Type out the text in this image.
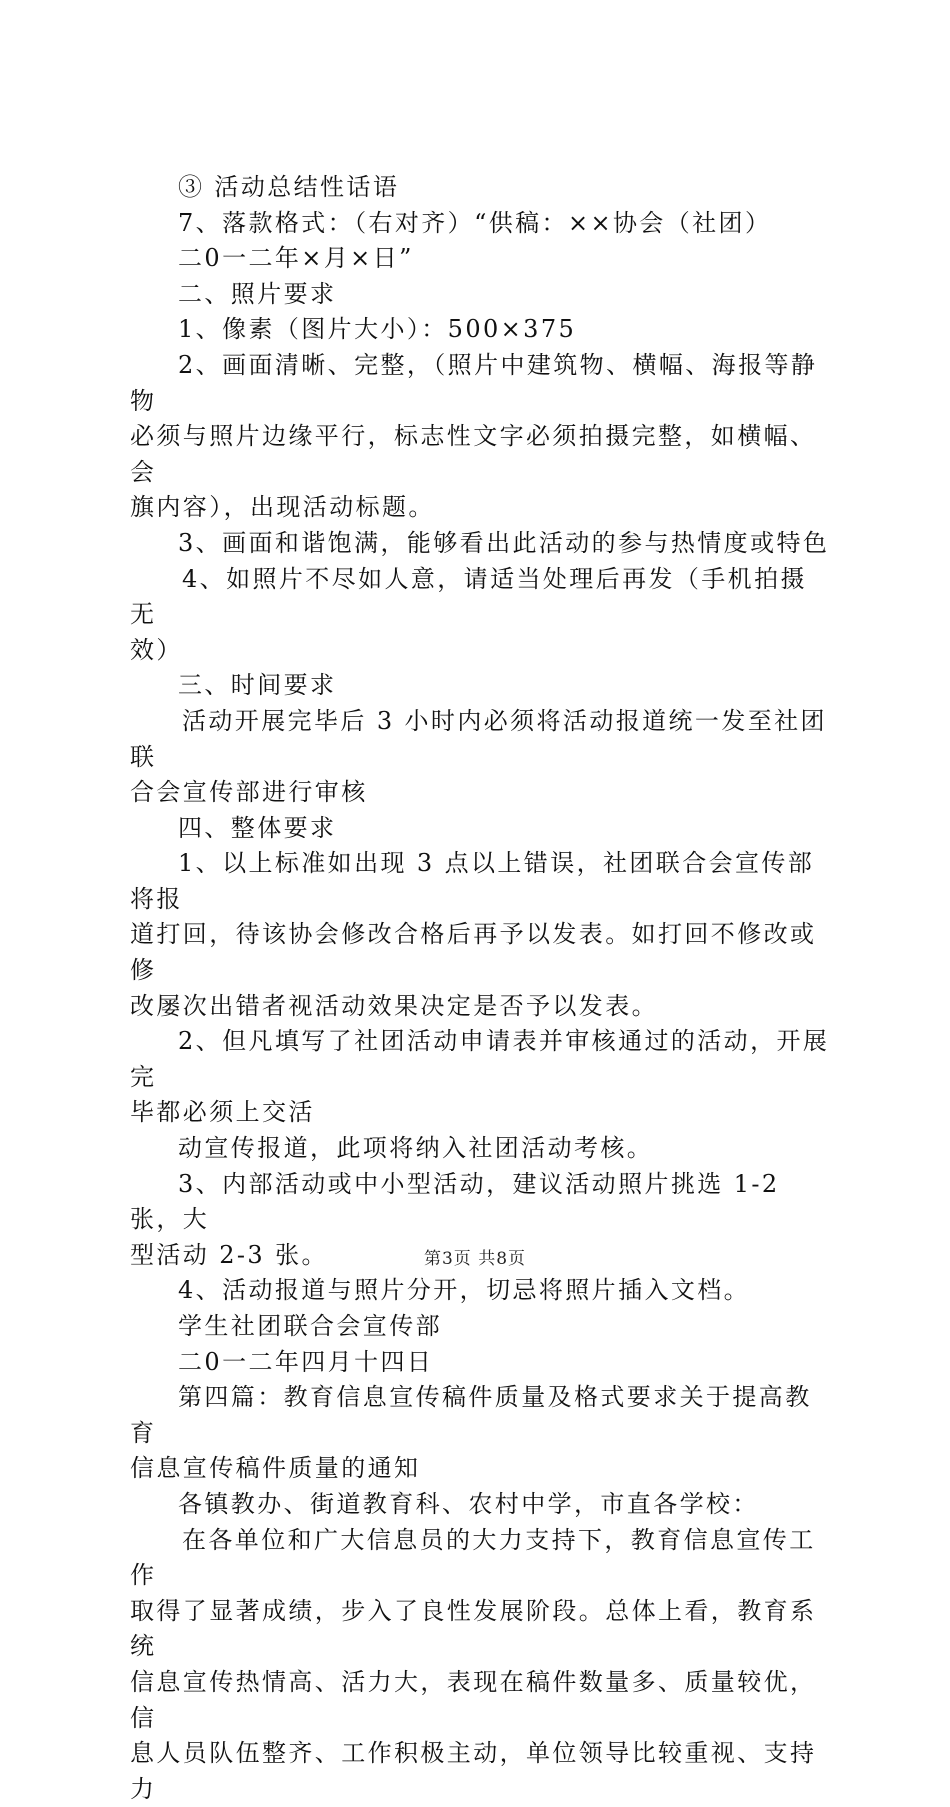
③ 活动总结性话语

7、落款格式：（右对齐）“供稿：××协会（社团）

二0一二年×月×日”

二、照片要求

1、像素（图片大小）：500×375

2、画面清晰、完整，（照片中建筑物、横幅、海报等静物

必须与照片边缘平行，标志性文字必须拍摄完整，如横幅、会

旗内容），出现活动标题。

3、画面和谐饱满，能够看出此活动的参与热情度或特色

4、如照片不尽如人意，请适当处理后再发（手机拍摄无

效）

三、时间要求

活动开展完毕后 3 小时内必须将活动报道统一发至社团联

合会宣传部进行审核

四、整体要求

1、以上标准如出现 3 点以上错误，社团联合会宣传部将报

道打回，待该协会修改合格后再予以发表。如打回不修改或修

改屡次出错者视活动效果决定是否予以发表。

2、但凡填写了社团活动申请表并审核通过的活动，开展完

毕都必须上交活

动宣传报道，此项将纳入社团活动考核。

3、内部活动或中小型活动，建议活动照片挑选 1-2 张，大

型活动 2-3 张。

4、活动报道与照片分开，切忌将照片插入文档。

学生社团联合会宣传部

二0一二年四月十四日

第四篇：教育信息宣传稿件质量及格式要求关于提高教育

信息宣传稿件质量的通知

各镇教办、街道教育科、农村中学，市直各学校：

在各单位和广大信息员的大力支持下，教育信息宣传工作

取得了显著成绩，步入了良性发展阶段。总体上看，教育系统

信息宣传热情高、活力大，表现在稿件数量多、质量较优，信

息人员队伍整齐、工作积极主动，单位领导比较重视、支持力

第3页 共8页
